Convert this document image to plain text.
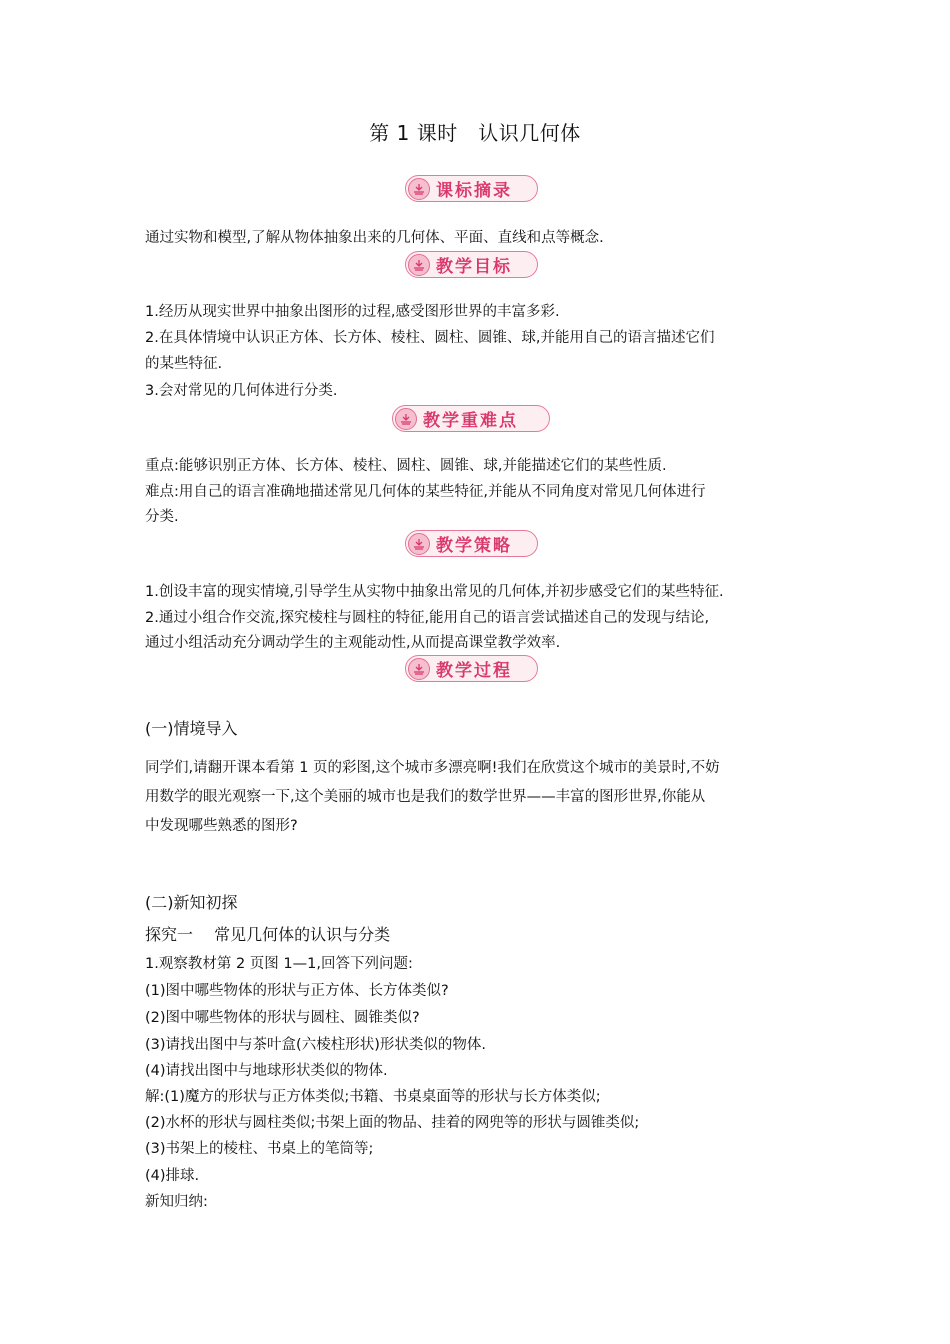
第 1 课时　认识几何体
课标摘录
通过实物和模型,了解从物体抽象出来的几何体、平面、直线和点等概念.
教学目标
1.经历从现实世界中抽象出图形的过程,感受图形世界的丰富多彩.
2.在具体情境中认识正方体、长方体、棱柱、圆柱、圆锥、球,并能用自己的语言描述它们
的某些特征.
3.会对常见的几何体进行分类.
教学重难点
重点:能够识别正方体、长方体、棱柱、圆柱、圆锥、球,并能描述它们的某些性质.
难点:用自己的语言准确地描述常见几何体的某些特征,并能从不同角度对常见几何体进行
分类.
教学策略
1.创设丰富的现实情境,引导学生从实物中抽象出常见的几何体,并初步感受它们的某些特征.
2.通过小组合作交流,探究棱柱与圆柱的特征,能用自己的语言尝试描述自己的发现与结论,
通过小组活动充分调动学生的主观能动性,从而提高课堂教学效率.
教学过程
(一)情境导入
同学们,请翻开课本看第 1 页的彩图,这个城市多漂亮啊!我们在欣赏这个城市的美景时,不妨
用数学的眼光观察一下,这个美丽的城市也是我们的数学世界——丰富的图形世界,你能从
中发现哪些熟悉的图形?
(二)新知初探
探究一　 常见几何体的认识与分类
1.观察教材第 2 页图 1—1,回答下列问题:
(1)图中哪些物体的形状与正方体、长方体类似?
(2)图中哪些物体的形状与圆柱、圆锥类似?
(3)请找出图中与茶叶盒(六棱柱形状)形状类似的物体.
(4)请找出图中与地球形状类似的物体.
解:(1)魔方的形状与正方体类似;书籍、书桌桌面等的形状与长方体类似;
(2)水杯的形状与圆柱类似;书架上面的物品、挂着的网兜等的形状与圆锥类似;
(3)书架上的棱柱、书桌上的笔筒等;
(4)排球.
新知归纳:
